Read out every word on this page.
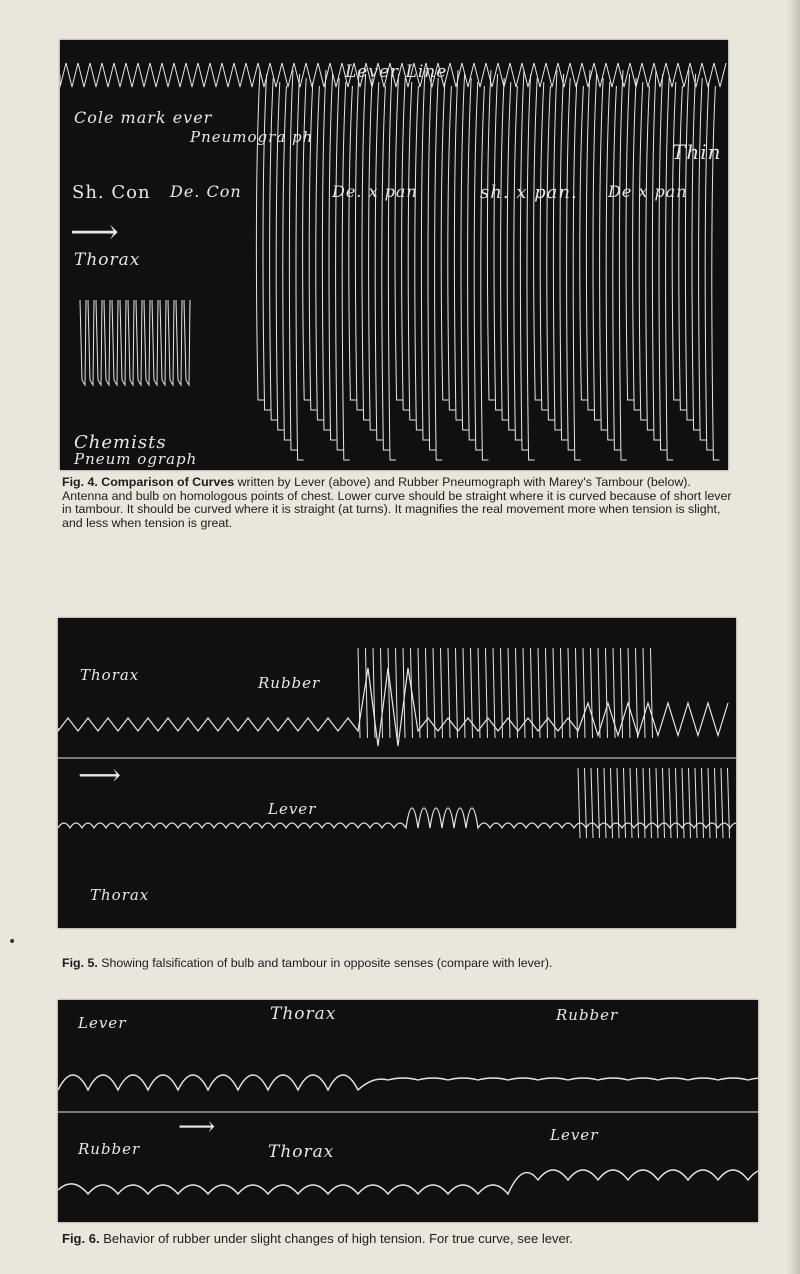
Lever Line
Cole mark ever
Pneumogra ph
Thin
Sh. Con De. Con	De. x pan	sh. x pan. De x pan
⟶
Thorax
Chemists
Pneum ograph
Fig. 4. Comparison of Curves written by Lever (above) and Rubber Pneumograph with Marey's Tambour (below). Antenna and bulb on homologous points of chest. Lower curve should be straight where it is curved because of short lever in tambour. It should be curved where it is straight (at turns). It magnifies the real movement more when tension is slight, and less when tension is great.
Thorax	Rubber
⟶
Lever
Thorax
•
Fig. 5. Showing falsification of bulb and tambour in opposite senses (compare with lever).
Lever	Thorax	Rubber
⟶	Lever
Rubber	Thorax
Fig. 6. Behavior of rubber under slight changes of high tension. For true curve, see lever.
